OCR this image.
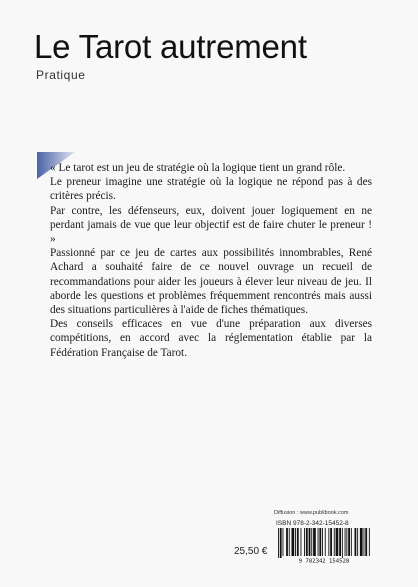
Le Tarot autrement
Pratique

« Le tarot est un jeu de stratégie où la logique tient un grand rôle.

Le preneur imagine une stratégie où la logique ne répond pas à des critères précis.

Par contre, les défenseurs, eux, doivent jouer logiquement en ne perdant jamais de vue que leur objectif est de faire chuter le preneur ! »

Passionné par ce jeu de cartes aux possibilités innombrables, René Achard a souhaité faire de ce nouvel ouvrage un recueil de recommandations pour aider les joueurs à élever leur niveau de jeu. Il aborde les questions et problèmes fréquemment rencontrés mais aussi des situations particulières à l'aide de fiches thématiques.

Des conseils efficaces en vue d'une préparation aux diverses compétitions, en accord avec la réglementation établie par la Fédération Française de Tarot.

Diffusion : www.publibook.com
ISBN 978-2-342-15452-8
9 782342 154528
25,50 €
